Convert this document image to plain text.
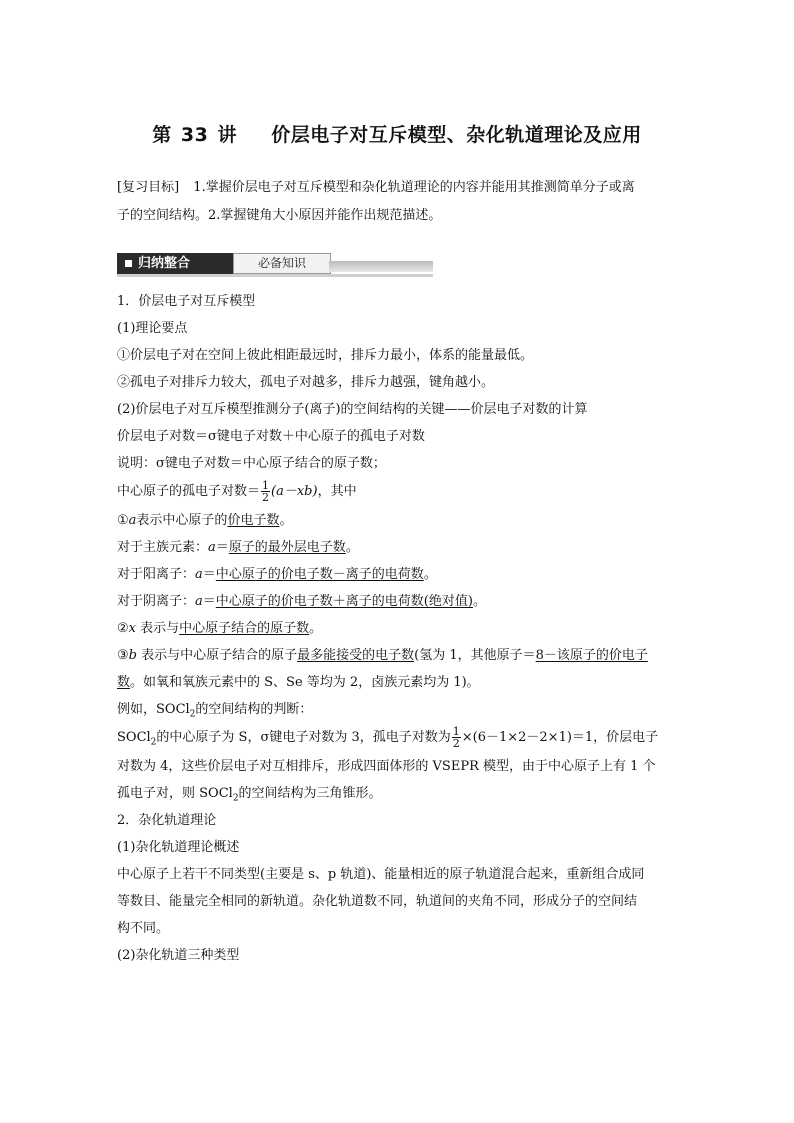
第 33 讲 价层电子对互斥模型、杂化轨道理论及应用
[复习目标] 1.掌握价层电子对互斥模型和杂化轨道理论的内容并能用其推测简单分子或离
子的空间结构。2.掌握键角大小原因并能作出规范描述。
归纳整合	必备知识
1．价层电子对互斥模型
(1)理论要点
①价层电子对在空间上彼此相距最远时，排斥力最小，体系的能量最低。
②孤电子对排斥力较大，孤电子对越多，排斥力越强，键角越小。
(2)价层电子对互斥模型推测分子(离子)的空间结构的关键——价层电子对数的计算
价层电子对数＝σ键电子对数＋中心原子的孤电子对数
说明：σ键电子对数＝中心原子结合的原子数；
中心原子的孤电子对数＝ $\frac{1}{2} (a-xb)$，其中
①a表示中心原子的价电子数。
对于主族元素：a＝原子的最外层电子数。
对于阳离子：a＝中心原子的价电子数－离子的电荷数。
对于阴离子：a＝中心原子的价电子数＋离子的电荷数(绝对值)。
②x 表示与中心原子结合的原子数。
③b 表示与中心原子结合的原子最多能接受的电子数(氢为 1，其他原子＝8－该原子的价电子
数。如氧和氧族元素中的 S、Se 等均为 2，卤族元素均为 1)。
例如，SOCl$_2$的空间结构的判断：
SOCl$_2$的中心原子为 S，σ键电子对数为 3，孤电子对数为 $\frac{1}{2} \times(6-1\times 2-2\times 1)=1$，价层电子
对数为 4，这些价层电子对互相排斥，形成四面体形的 VSEPR 模型，由于中心原子上有 1 个
孤电子对，则 SOCl$_2$的空间结构为三角锥形。
2．杂化轨道理论
(1)杂化轨道理论概述
中心原子上若干不同类型(主要是 s、p 轨道)、能量相近的原子轨道混合起来，重新组合成同
等数目、能量完全相同的新轨道。杂化轨道数不同，轨道间的夹角不同，形成分子的空间结
构不同。
(2)杂化轨道三种类型
